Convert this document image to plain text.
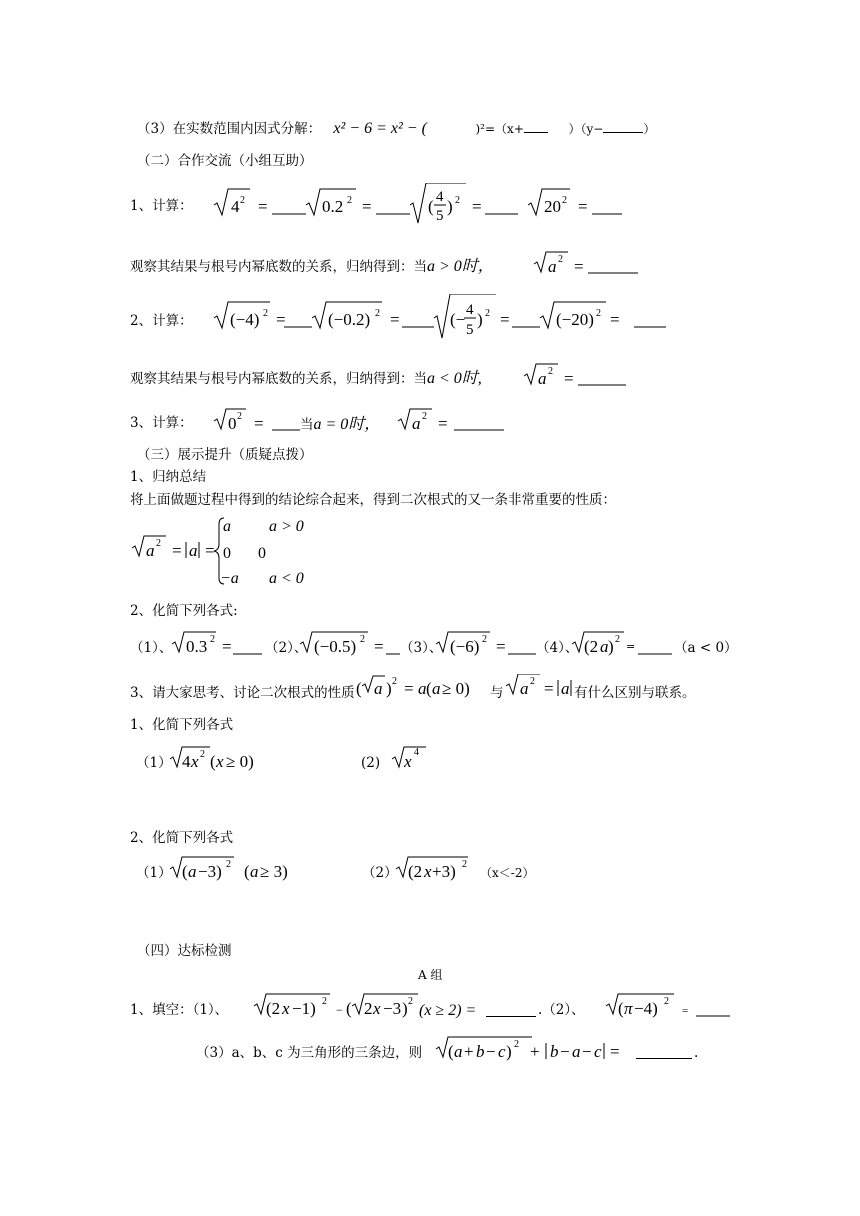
（3）在实数范围内因式分解： x² − 6 = x² − (	)²=（x+	）（y−	）
（二）合作交流（小组互助）
1、计算： 4 2 =	0.2 2 =	( 4
5 ) 2 =	20 2 =
观察其结果与根号内幂底数的关系，归纳得到：当a > 0时，	a 2 =
2、计算： (−4) 2 = (−0.2) 2 =	(− 4
5
) 2 =	(−20) 2 =
观察其结果与根号内幂底数的关系，归纳得到：当a < 0时,	a 2 =
3、计算： 0 2 =	当a = 0时， a 2 =
（三）展示提升（质疑点拨）
1、归纳总结
将上面做题过程中得到的结论综合起来，得到二次根式的又一条非常重要的性质：
a 2 = a =
a a > 0
0 0
−a a < 0
2、化简下列各式:
（1）、 0.3 2 =	(−0.5) 2 =	(−6) 2 =	(2 a ) 2
（2）、	（3）、	（4）、	=	（a < 0）
3、请大家思考、讨论二次根式的性质 ( a ) 2 = a ( a ≥ 0)	a 2 = a
与	有什么区别与联系。
1、化简下列各式
（1） 4 x 2 ( x ≥ 0)	(2) x 4
2、化简下列各式
（1） ( a −3) 2 ( a ≥ 3)	（2） (2 x +3) 2
（x＜-2）
（四）达标检测
A 组
1、填空：（1）、 (2 x −1) 2
− ( 2 x −3 ) 2
(x ≥ 2) =	.（2）、 ( π −4) 2
=
（3）a、b、c 为三角形的三条边，则 ( a + b − c ) 2 + b − a − c =	.
